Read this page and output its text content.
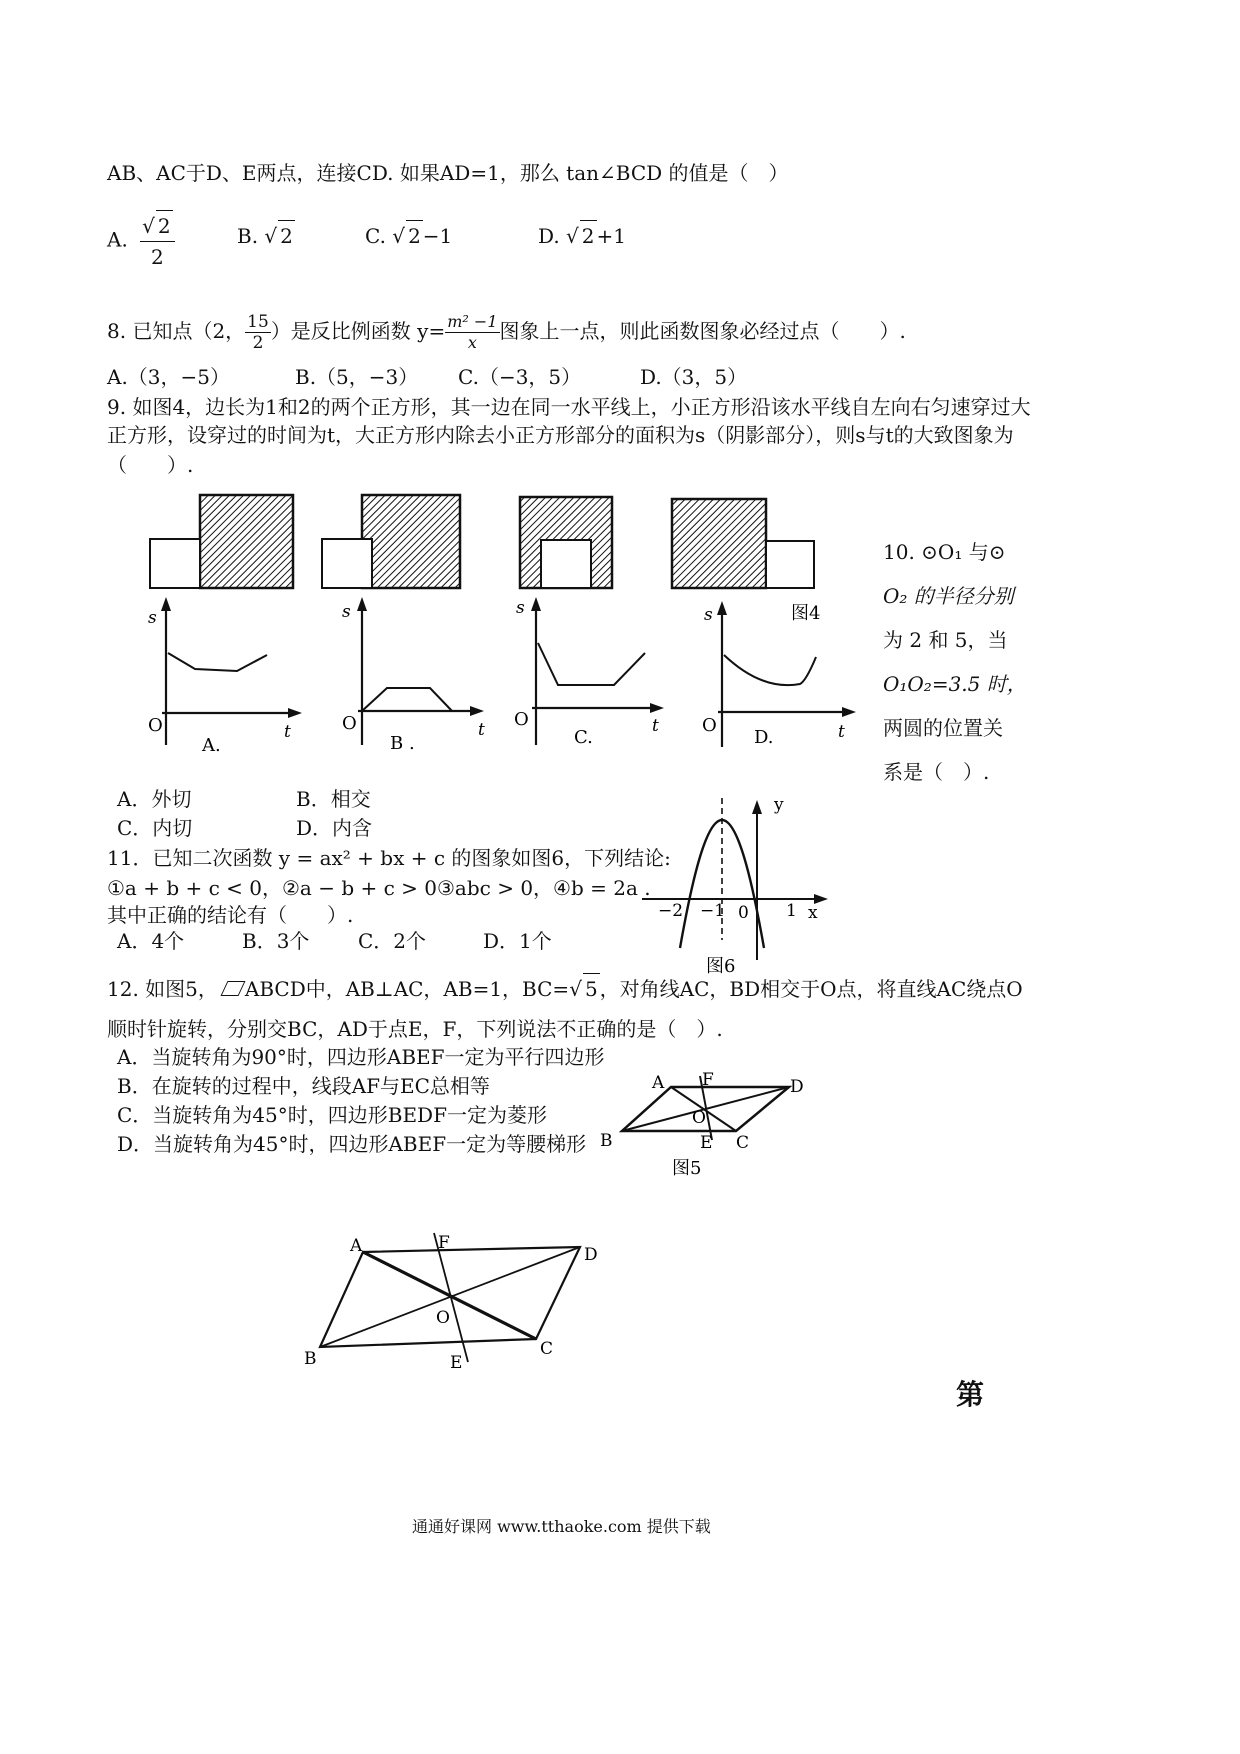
AB、AC于D、E两点，连接CD. 如果AD=1，那么 tan∠BCD 的值是（　）
A. $\frac{√ 2}{2}$	B. √ 2	C. √ 2 −1	D. √ 2 +1
8. 已知点（2， $\frac{15}{2}$ ）是反比例函数 $y= \frac{\text{m² −1}}{x}$ 图象上一点，则此函数图象必经过点（　　）.
A.（3，−5）	B.（5，−3） C.（−3，5）	D.（3，5）
9. 如图4，边长为1和2的两个正方形，其一边在同一水平线上，小正方形沿该水平线自左向右匀速穿过大
正方形，设穿过的时间为t，大正方形内除去小正方形部分的面积为s（阴影部分），则s与t的大致图象为
（　　）.
图4
s
O	t
A.
s
O	t
B .
s
O	t
C.
s
O	t
D.
10. ⊙O₁ 与⊙
O₂ 的半径分别
为 2 和 5，当
O₁O₂=3.5 时，
两圆的位置关
系是（　）.
A．外切	B．相交
C．内切	D．内含
11．已知二次函数 y = ax² + bx + c 的图象如图6，下列结论:
①a + b + c < 0，②a − b + c > 0③abc > 0，④b = 2a .
其中正确的结论有（　　）.
A．4个	B．3个 C．2个	D．1个
y
x
−2 −1 0 1
图6
12. 如图5， ABCD中，AB⊥AC，AB=1，BC=√ 5 ，对角线AC，BD相交于O点，将直线AC绕点O
顺时针旋转，分别交BC，AD于点E，F，下列说法不正确的是（　）.
A．当旋转角为90°时，四边形ABEF一定为平行四边形
B．在旋转的过程中，线段AF与EC总相等
C．当旋转角为45°时，四边形BEDF一定为菱形
D．当旋转角为45°时，四边形ABEF一定为等腰梯形
A F	D
O
B	E C
图5
A	F
D
O
B	E
C
第
通通好课网 www.tthaoke.com 提供下载
